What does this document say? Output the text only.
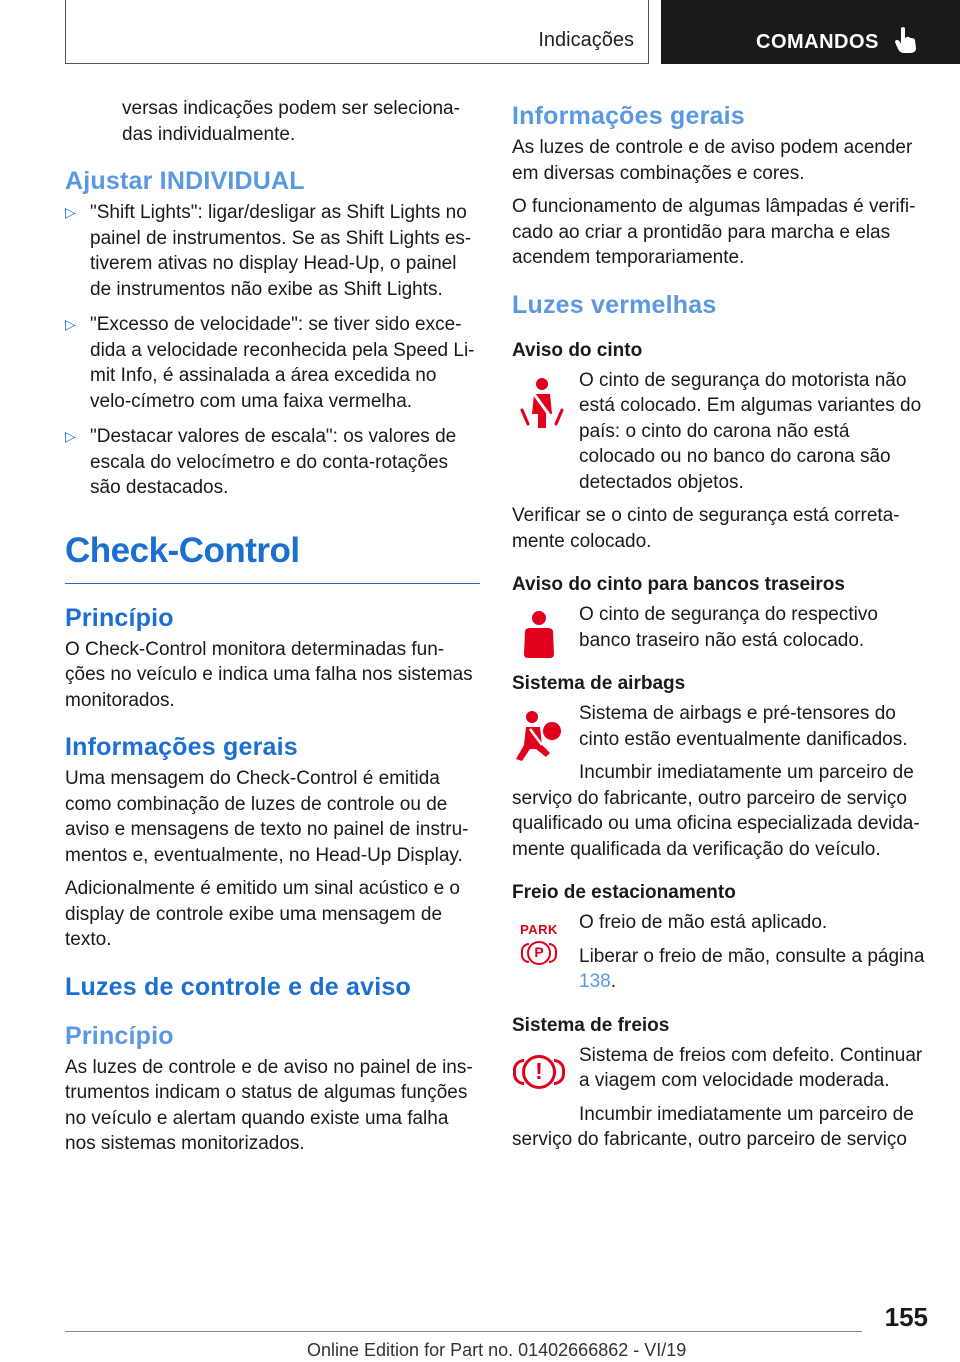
Indicações	COMANDOS

versas indicações podem ser seleciona-das individualmente.

Ajustar INDIVIDUAL
▷ "Shift Lights": ligar/desligar as Shift Lights no painel de instrumentos. Se as Shift Lights es-tiverem ativas no display Head-Up, o painel de instrumentos não exibe as Shift Lights.
▷ "Excesso de velocidade": se tiver sido exce-dida a velocidade reconhecida pela Speed Li-mit Info, é assinalada a área excedida no velo-címetro com uma faixa vermelha.
▷ "Destacar valores de escala": os valores de escala do velocímetro e do conta-rotações são destacados.
Check-Control
Princípio

O Check-Control monitora determinadas fun-ções no veículo e indica uma falha nos sistemas monitorados.

Informações gerais

Uma mensagem do Check-Control é emitida como combinação de luzes de controle ou de aviso e mensagens de texto no painel de instru-mentos e, eventualmente, no Head-Up Display.

Adicionalmente é emitido um sinal acústico e o display de controle exibe uma mensagem de texto.

Luzes de controle e de aviso
Princípio

As luzes de controle e de aviso no painel de ins-trumentos indicam o status de algumas funções no veículo e alertam quando existe uma falha nos sistemas monitorizados.

Informações gerais

As luzes de controle e de aviso podem acender em diversas combinações e cores.

O funcionamento de algumas lâmpadas é verifi-cado ao criar a prontidão para marcha e elas acendem temporariamente.

Luzes vermelhas
Aviso do cinto

O cinto de segurança do motorista não está colocado. Em algumas variantes do país: o cinto do carona não está colocado ou no banco do carona são detectados objetos.

Verificar se o cinto de segurança está correta-mente colocado.

Aviso do cinto para bancos traseiros

O cinto de segurança do respectivo banco traseiro não está colocado.

Sistema de airbags

Sistema de airbags e pré-tensores do cinto estão eventualmente danificados.

Incumbir imediatamente um parceiro de serviço do fabricante, outro parceiro de serviço qualificado ou uma oficina especializada devida-mente qualificada da verificação do veículo.

Freio de estacionamento
PARK
P

O freio de mão está aplicado.

Liberar o freio de mão, consulte a página 138.

Sistema de freios
!

Sistema de freios com defeito. Continuar a viagem com velocidade moderada.

Incumbir imediatamente um parceiro de serviço do fabricante, outro parceiro de serviço

155
Online Edition for Part no. 01402666862 - VI/19
